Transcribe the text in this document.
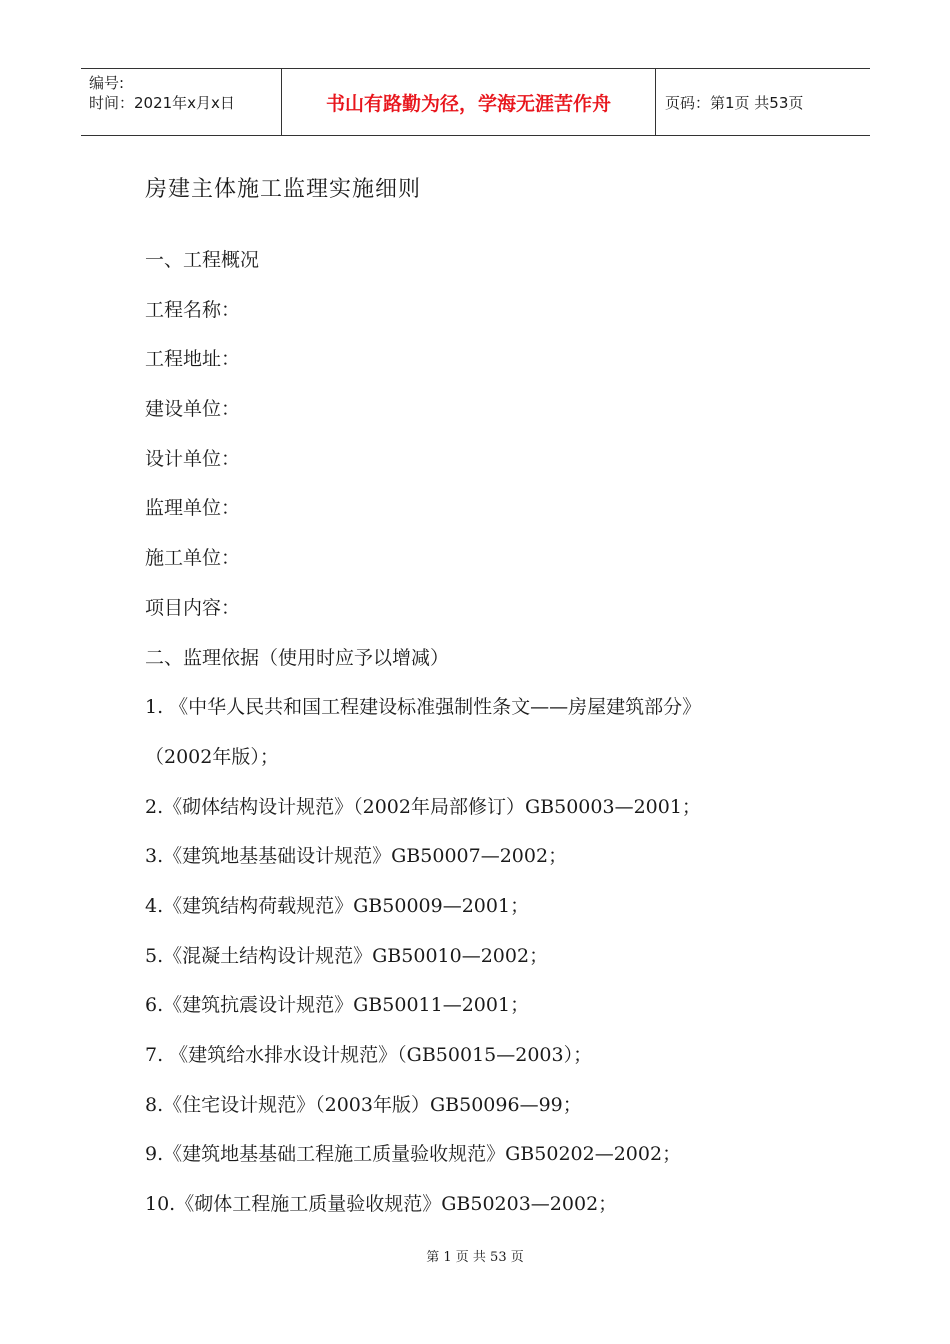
编号:
时间：2021年x月x日	书山有路勤为径，学海无涯苦作舟	页码：第1页 共53页
房建主体施工监理实施细则
一、工程概况
工程名称：
工程地址：
建设单位：
设计单位：
监理单位：
施工单位：
项目内容：
二、监理依据（使用时应予以增减）
1. 《中华人民共和国工程建设标准强制性条文——房屋建筑部分》
（2002年版）；
2.《砌体结构设计规范》（2002年局部修订）GB50003—2001；
3.《建筑地基基础设计规范》GB50007—2002；
4.《建筑结构荷载规范》GB50009—2001；
5.《混凝土结构设计规范》GB50010—2002；
6.《建筑抗震设计规范》GB50011—2001；
7. 《建筑给水排水设计规范》（GB50015—2003）；
8.《住宅设计规范》（2003年版）GB50096—99；
9.《建筑地基基础工程施工质量验收规范》GB50202—2002；
10.《砌体工程施工质量验收规范》GB50203—2002；
第 1 页 共 53 页
